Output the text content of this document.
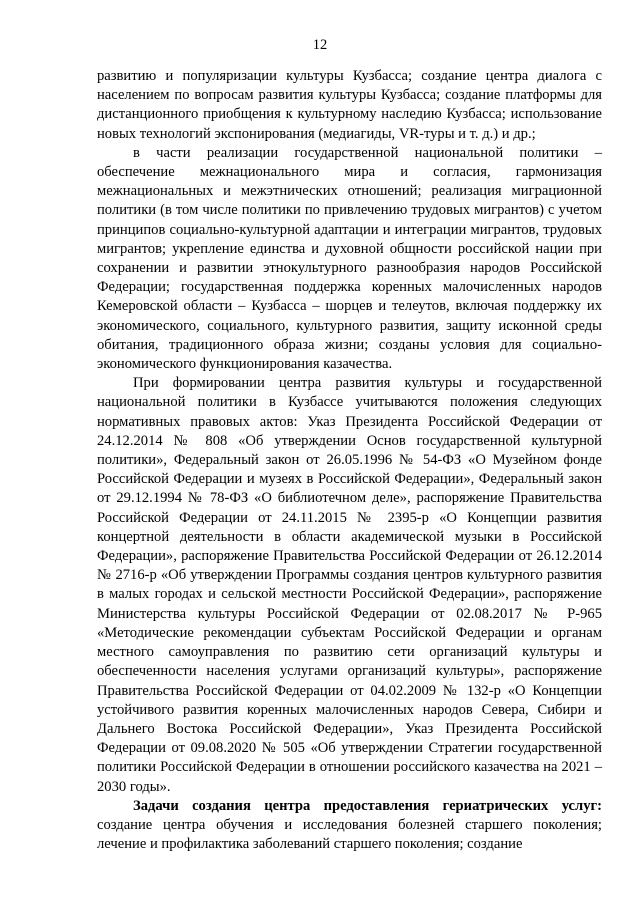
12

развитию и популяризации культуры Кузбасса; создание центра диалога с населением по вопросам развития культуры Кузбасса; создание платформы для дистанционного приобщения к культурному наследию Кузбасса; использование новых технологий экспонирования (медиагиды, VR-туры и т. д.) и др.;

в части реализации государственной национальной политики – обеспечение межнационального мира и согласия, гармонизация межнациональных и межэтнических отношений; реализация миграционной политики (в том числе политики по привлечению трудовых мигрантов) с учетом принципов социально-культурной адаптации и интеграции мигрантов, трудовых мигрантов; укрепление единства и духовной общности российской нации при сохранении и развитии этнокультурного разнообразия народов Российской Федерации; государственная поддержка коренных малочисленных народов Кемеровской области – Кузбасса – шорцев и телеутов, включая поддержку их экономического, социального, культурного развития, защиту исконной среды обитания, традиционного образа жизни; созданы условия для социально-экономического функционирования казачества.

При формировании центра развития культуры и государственной национальной политики в Кузбассе учитываются положения следующих нормативных правовых актов: Указ Президента Российской Федерации от 24.12.2014 № 808 «Об утверждении Основ государственной культурной политики», Федеральный закон от 26.05.1996 № 54-ФЗ «О Музейном фонде Российской Федерации и музеях в Российской Федерации», Федеральный закон от 29.12.1994 № 78-ФЗ «О библиотечном деле», распоряжение Правительства Российской Федерации от 24.11.2015 № 2395-р «О Концепции развития концертной деятельности в области академической музыки в Российской Федерации», распоряжение Правительства Российской Федерации от 26.12.2014 № 2716-р «Об утверждении Программы создания центров культурного развития в малых городах и сельской местности Российской Федерации», распоряжение Министерства культуры Российской Федерации от 02.08.2017 № Р-965 «Методические рекомендации субъектам Российской Федерации и органам местного самоуправления по развитию сети организаций культуры и обеспеченности населения услугами организаций культуры», распоряжение Правительства Российской Федерации от 04.02.2009 № 132-р «О Концепции устойчивого развития коренных малочисленных народов Севера, Сибири и Дальнего Востока Российской Федерации», Указ Президента Российской Федерации от 09.08.2020 № 505 «Об утверждении Стратегии государственной политики Российской Федерации в отношении российского казачества на 2021 – 2030 годы».

Задачи создания центра предоставления гериатрических услуг: создание центра обучения и исследования болезней старшего поколения; лечение и профилактика заболеваний старшего поколения; создание
